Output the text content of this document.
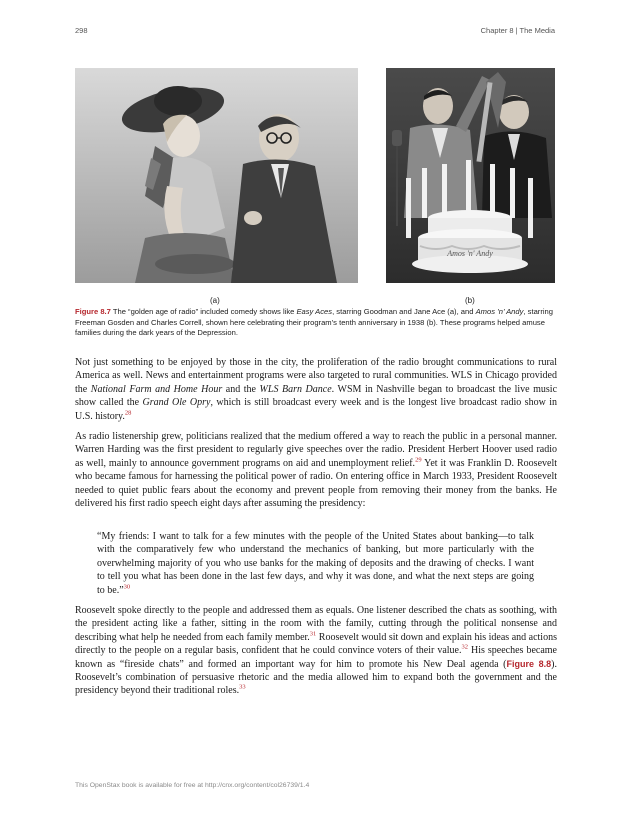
298	Chapter 8 | The Media
Amos 'n' Andy
(a)	(b)
Figure 8.7 The “golden age of radio” included comedy shows like Easy Aces, starring Goodman and Jane Ace (a), and Amos ’n’ Andy, starring Freeman Gosden and Charles Correll, shown here celebrating their program’s tenth anniversary in 1938 (b). These programs helped amuse families during the dark years of the Depression.
Not just something to be enjoyed by those in the city, the proliferation of the radio brought communications to rural America as well. News and entertainment programs were also targeted to rural communities. WLS in Chicago provided the National Farm and Home Hour and the WLS Barn Dance. WSM in Nashville began to broadcast the live music show called the Grand Ole Opry, which is still broadcast every week and is the longest live broadcast radio show in U.S. history.$^{28}$
As radio listenership grew, politicians realized that the medium offered a way to reach the public in a personal manner. Warren Harding was the first president to regularly give speeches over the radio. President Herbert Hoover used radio as well, mainly to announce government programs on aid and unemployment relief.$^{29}$ Yet it was Franklin D. Roosevelt who became famous for harnessing the political power of radio. On entering office in March 1933, President Roosevelt needed to quiet public fears about the economy and prevent people from removing their money from the banks. He delivered his first radio speech eight days after assuming the presidency:
“My friends: I want to talk for a few minutes with the people of the United States about banking—to talk with the comparatively few who understand the mechanics of banking, but more particularly with the overwhelming majority of you who use banks for the making of deposits and the drawing of checks. I want to tell you what has been done in the last few days, and why it was done, and what the next steps are going to be.”$^{30}$
Roosevelt spoke directly to the people and addressed them as equals. One listener described the chats as soothing, with the president acting like a father, sitting in the room with the family, cutting through the political nonsense and describing what help he needed from each family member.$^{31}$ Roosevelt would sit down and explain his ideas and actions directly to the people on a regular basis, confident that he could convince voters of their value.$^{32}$ His speeches became known as “fireside chats” and formed an important way for him to promote his New Deal agenda (Figure 8.8). Roosevelt’s combination of persuasive rhetoric and the media allowed him to expand both the government and the presidency beyond their traditional roles.$^{33}$
This OpenStax book is available for free at http://cnx.org/content/col26739/1.4
